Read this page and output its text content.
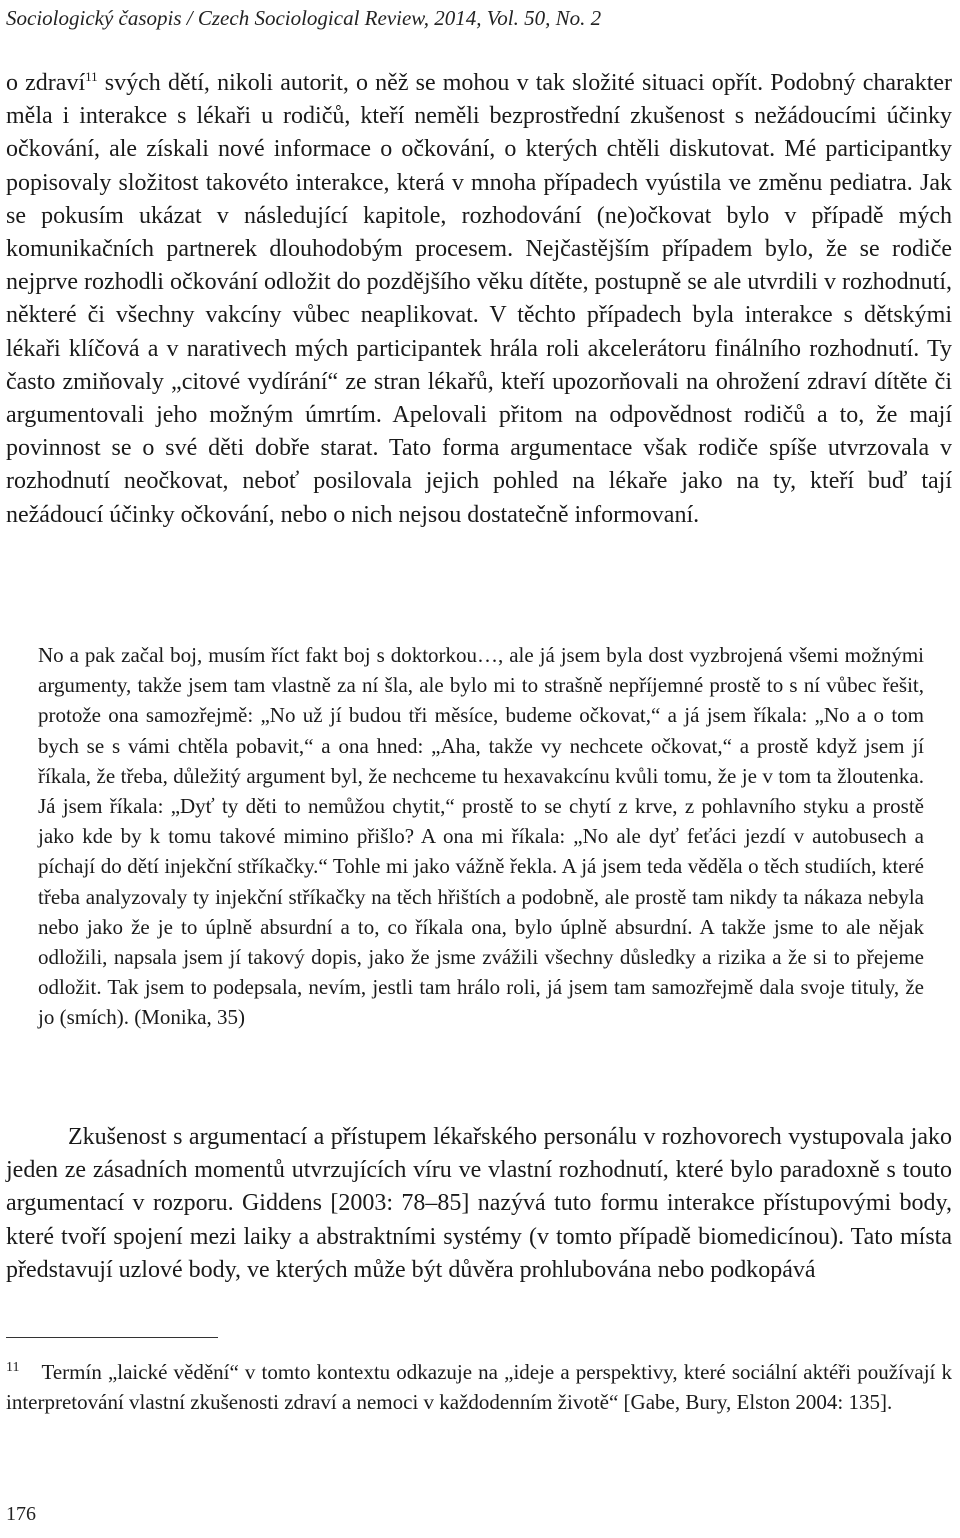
Sociologický časopis / Czech Sociological Review, 2014, Vol. 50, No. 2
o zdraví$^{11}$ svých dětí, nikoli autorit, o něž se mohou v tak složité situaci opřít. Podobný charakter měla i interakce s lékaři u rodičů, kteří neměli bezprostřední zkušenost s nežádoucími účinky očkování, ale získali nové informace o očkování, o kterých chtěli diskutovat. Mé participantky popisovaly složitost takovéto interakce, která v mnoha případech vyústila ve změnu pediatra. Jak se pokusím ukázat v následující kapitole, rozhodování (ne)očkovat bylo v případě mých komunikačních partnerek dlouhodobým procesem. Nejčastějším případem bylo, že se rodiče nejprve rozhodli očkování odložit do pozdějšího věku dítěte, postupně se ale utvrdili v rozhodnutí, některé či všechny vakcíny vůbec neaplikovat. V těchto případech byla interakce s dětskými lékaři klíčová a v narativech mých participantek hrála roli akcelerátoru finálního rozhodnutí. Ty často zmiňovaly „citové vydírání“ ze stran lékařů, kteří upozorňovali na ohrožení zdraví dítěte či argumentovali jeho možným úmrtím. Apelovali přitom na odpovědnost rodičů a to, že mají povinnost se o své děti dobře starat. Tato forma argumentace však rodiče spíše utvrzovala v rozhodnutí neočkovat, neboť posilovala jejich pohled na lékaře jako na ty, kteří buď tají nežádoucí účinky očkování, nebo o nich nejsou dostatečně informovaní.
No a pak začal boj, musím říct fakt boj s doktorkou…, ale já jsem byla dost vyzbrojená všemi možnými argumenty, takže jsem tam vlastně za ní šla, ale bylo mi to strašně nepříjemné prostě to s ní vůbec řešit, protože ona samozřejmě: „No už jí budou tři měsíce, budeme očkovat,“ a já jsem říkala: „No a o tom bych se s vámi chtěla pobavit,“ a ona hned: „Aha, takže vy nechcete očkovat,“ a prostě když jsem jí říkala, že třeba, důležitý argument byl, že nechceme tu hexavakcínu kvůli tomu, že je v tom ta žloutenka. Já jsem říkala: „Dyť ty děti to nemůžou chytit,“ prostě to se chytí z krve, z pohlavního styku a prostě jako kde by k tomu takové mimino přišlo? A ona mi říkala: „No ale dyť feťáci jezdí v autobusech a píchají do dětí injekční stříkačky.“ Tohle mi jako vážně řekla. A já jsem teda věděla o těch studiích, které třeba analyzovaly ty injekční stříkačky na těch hřištích a podobně, ale prostě tam nikdy ta nákaza nebyla nebo jako že je to úplně absurdní a to, co říkala ona, bylo úplně absurdní. A takže jsme to ale nějak odložili, napsala jsem jí takový dopis, jako že jsme zvážili všechny důsledky a rizika a že si to přejeme odložit. Tak jsem to podepsala, nevím, jestli tam hrálo roli, já jsem tam samozřejmě dala svoje tituly, že jo (smích). (Monika, 35)
Zkušenost s argumentací a přístupem lékařského personálu v rozhovorech vystupovala jako jeden ze zásadních momentů utvrzujících víru ve vlastní rozhodnutí, které bylo paradoxně s touto argumentací v rozporu. Giddens [2003: 78–85] nazývá tuto formu interakce přístupovými body, které tvoří spojení mezi laiky a abstraktními systémy (v tomto případě biomedicínou). Tato místa představují uzlové body, ve kterých může být důvěra prohlubována nebo podkopává
$^{11}$ Termín „laické vědění“ v tomto kontextu odkazuje na „ideje a perspektivy, které sociální aktéři používají k interpretování vlastní zkušenosti zdraví a nemoci v každodenním životě“ [Gabe, Bury, Elston 2004: 135].
176
